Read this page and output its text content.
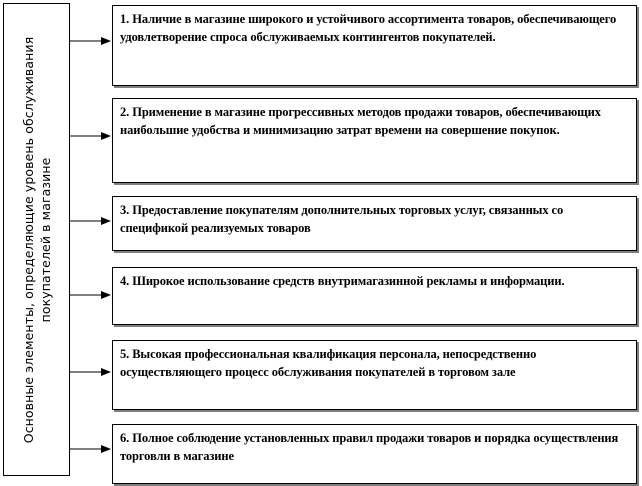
Основные элементы, определяющие уровень обслуживания покупателей в магазине
1. Наличие в магазине широкого и устойчивого ассортимента товаров, обеспечивающего удовлетворение спроса обслуживаемых контингентов покупателей.
2. Применение в магазине прогрессивных методов продажи товаров, обеспечивающих наибольшие удобства и минимизацию затрат времени на совершение покупок.
3. Предоставление покупателям дополнительных торговых услуг, связанных со спецификой реализуемых товаров
4. Широкое использование средств внутримагазинной рекламы и информации.
5. Высокая профессиональная квалификация персонала, непосредственно осуществляющего процесс обслуживания покупателей в торговом зале
6. Полное соблюдение установленных правил продажи товаров и порядка осуществления торговли в магазине
